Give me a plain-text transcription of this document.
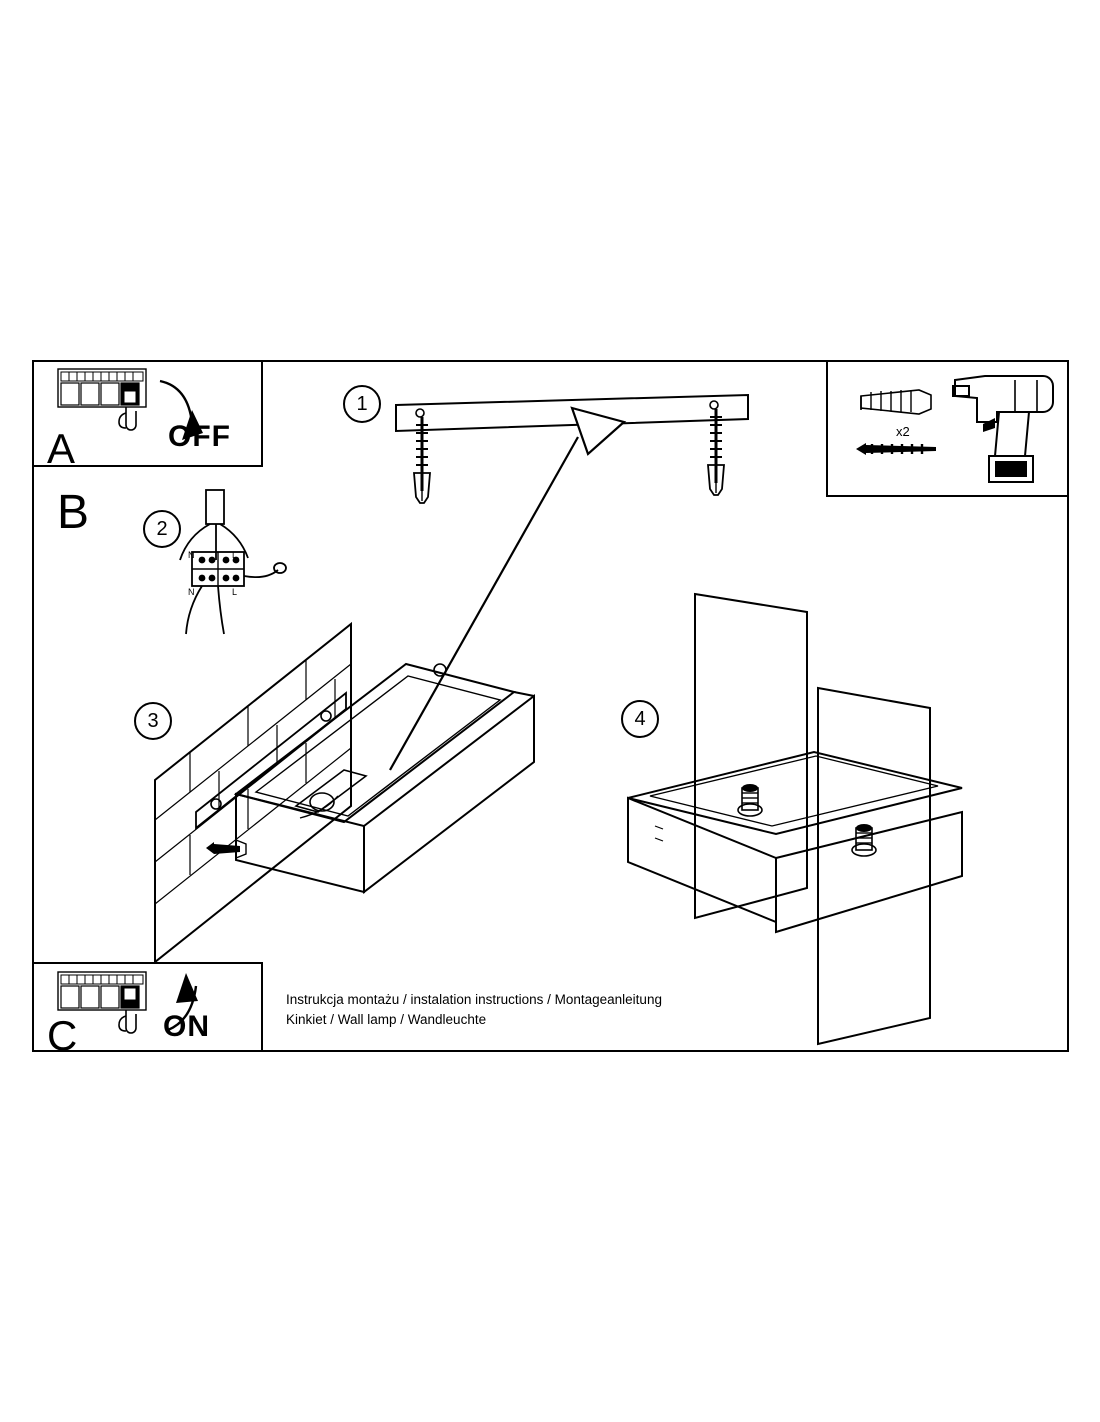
A	OFF
C	ON
B
x2
1
2
3	4
N	L
N	L
Instrukcja montażu / instalation instructions / Montageanleitung
Kinkiet / Wall lamp / Wandleuchte
